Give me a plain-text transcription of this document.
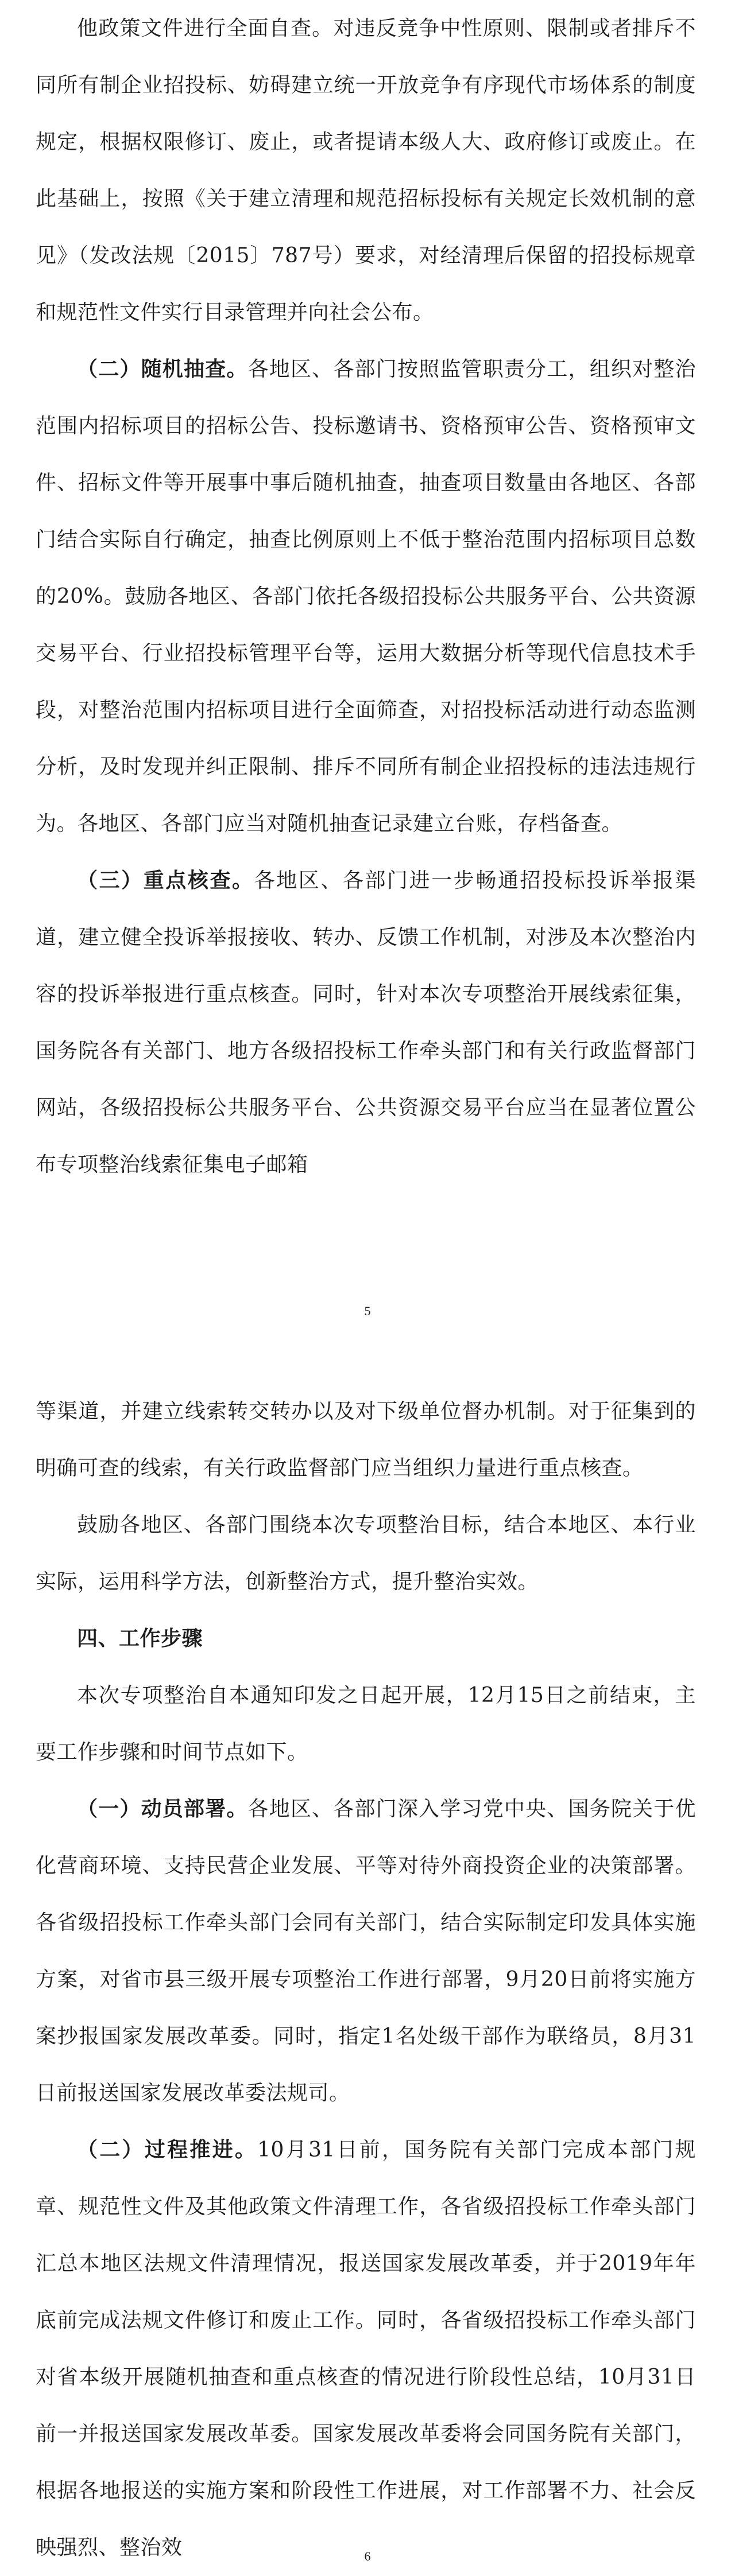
他政策文件进行全面自查。对违反竞争中性原则、限制或者排斥不同所有制企业招投标、妨碍建立统一开放竞争有序现代市场体系的制度规定，根据权限修订、废止，或者提请本级人大、政府修订或废止。在此基础上，按照《关于建立清理和规范招标投标有关规定长效机制的意见》（发改法规〔2015〕787号）要求，对经清理后保留的招投标规章和规范性文件实行目录管理并向社会公布。

（二）随机抽查。各地区、各部门按照监管职责分工，组织对整治范围内招标项目的招标公告、投标邀请书、资格预审公告、资格预审文件、招标文件等开展事中事后随机抽查，抽查项目数量由各地区、各部门结合实际自行确定，抽查比例原则上不低于整治范围内招标项目总数的20%。鼓励各地区、各部门依托各级招投标公共服务平台、公共资源交易平台、行业招投标管理平台等，运用大数据分析等现代信息技术手段，对整治范围内招标项目进行全面筛查，对招投标活动进行动态监测分析，及时发现并纠正限制、排斥不同所有制企业招投标的违法违规行为。各地区、各部门应当对随机抽查记录建立台账，存档备查。

（三）重点核查。各地区、各部门进一步畅通招投标投诉举报渠道，建立健全投诉举报接收、转办、反馈工作机制，对涉及本次整治内容的投诉举报进行重点核查。同时，针对本次专项整治开展线索征集，国务院各有关部门、地方各级招投标工作牵头部门和有关行政监督部门网站，各级招投标公共服务平台、公共资源交易平台应当在显著位置公布专项整治线索征集电子邮箱

5

等渠道，并建立线索转交转办以及对下级单位督办机制。对于征集到的明确可查的线索，有关行政监督部门应当组织力量进行重点核查。

鼓励各地区、各部门围绕本次专项整治目标，结合本地区、本行业实际，运用科学方法，创新整治方式，提升整治实效。

四、工作步骤

本次专项整治自本通知印发之日起开展，12月15日之前结束，主要工作步骤和时间节点如下。

（一）动员部署。各地区、各部门深入学习党中央、国务院关于优化营商环境、支持民营企业发展、平等对待外商投资企业的决策部署。各省级招投标工作牵头部门会同有关部门，结合实际制定印发具体实施方案，对省市县三级开展专项整治工作进行部署，9月20日前将实施方案抄报国家发展改革委。同时，指定1名处级干部作为联络员，8月31日前报送国家发展改革委法规司。

（二）过程推进。10月31日前，国务院有关部门完成本部门规章、规范性文件及其他政策文件清理工作，各省级招投标工作牵头部门汇总本地区法规文件清理情况，报送国家发展改革委，并于2019年年底前完成法规文件修订和废止工作。同时，各省级招投标工作牵头部门对省本级开展随机抽查和重点核查的情况进行阶段性总结，10月31日前一并报送国家发展改革委。国家发展改革委将会同国务院有关部门，根据各地报送的实施方案和阶段性工作进展，对工作部署不力、社会反映强烈、整治效	6
